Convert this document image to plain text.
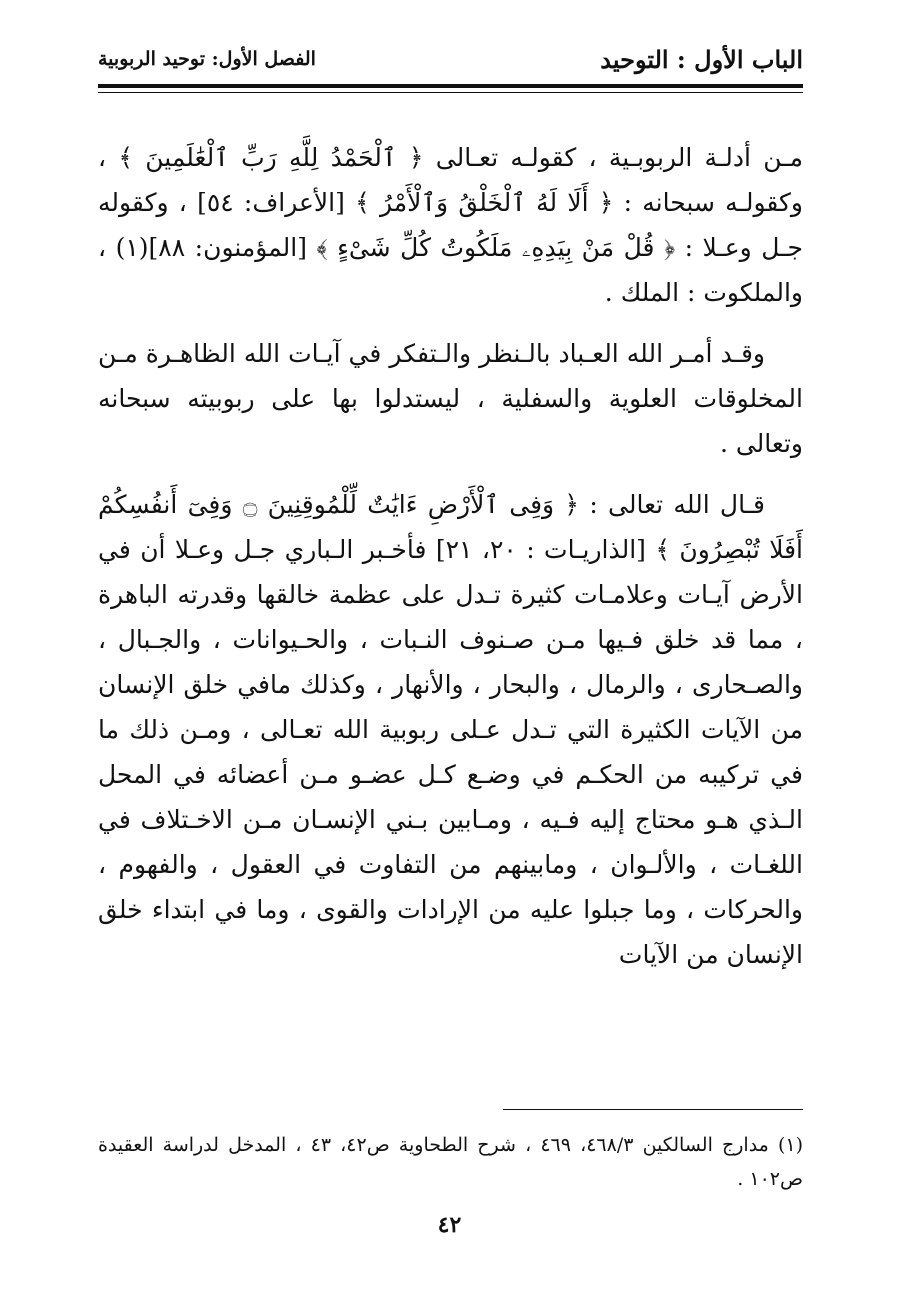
الباب الأول : التوحيد
الفصل الأول: توحيد الربوبية

مـن أدلـة الربوبـية ، كقولـه تعـالى ﴿ ٱلْحَمْدُ لِلَّهِ رَبِّ ٱلْعَٰلَمِينَ ﴾ ، وكقولـه سبحانه : ﴿ أَلَا لَهُ ٱلْخَلْقُ وَٱلْأَمْرُ ﴾ [الأعراف: ٥٤] ، وكقوله جـل وعـلا : ﴿ قُلْ مَنْ بِيَدِهِۦ مَلَكُوتُ كُلِّ شَىْءٍ ﴾ [المؤمنون: ٨٨](١) ، والملكوت : الملك .

وقـد أمـر الله العـباد بالـنظر والـتفكر في آيـات الله الظاهـرة مـن المخلوقات العلوية والسفلية ، ليستدلوا بها على ربوبيته سبحانه وتعالى .

قـال الله تعالى : ﴿ وَفِى ٱلْأَرْضِ ءَايَٰتٌ لِّلْمُوقِنِينَ ۝ وَفِىٓ أَنفُسِكُمْ أَفَلَا تُبْصِرُونَ ﴾ [الذاريـات : ٢٠، ٢١] فأخـبر الـباري جـل وعـلا أن في الأرض آيـات وعلامـات كثيرة تـدل على عظمة خالقها وقدرته الباهرة ، مما قد خلق فـيها مـن صـنوف النـبات ، والحـيوانات ، والجـبال ، والصـحارى ، والرمال ، والبحار ، والأنهار ، وكذلك مافي خلق الإنسان من الآيات الكثيرة التي تـدل عـلى ربوبية الله تعـالى ، ومـن ذلك ما في تركيبه من الحكـم في وضـع كـل عضـو مـن أعضائه في المحل الـذي هـو محتاج إليه فـيه ، ومـابين بـني الإنسـان مـن الاخـتلاف في اللغـات ، والألـوان ، ومابينهم من التفاوت في العقول ، والفهوم ، والحركات ، وما جبلوا عليه من الإرادات والقوى ، وما في ابتداء خلق الإنسان من الآيات

(١) مدارج السالكين ٤٦٨/٣، ٤٦٩ ، شرح الطحاوية ص٤٢، ٤٣ ، المدخل لدراسة العقيدة ص١٠٢ .
٤٢
